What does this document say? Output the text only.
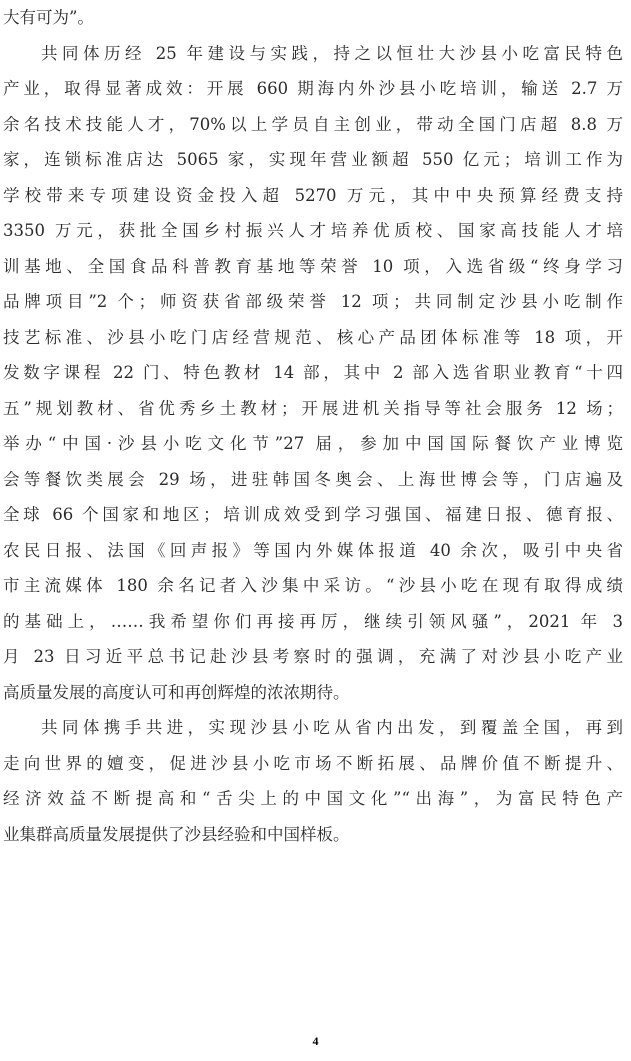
大有可为”。
共同体历经 25 年建设与实践，持之以恒壮大沙县小吃富民特色
产业，取得显著成效：开展 660 期海内外沙县小吃培训，输送 2.7 万
余名技术技能人才，70%以上学员自主创业，带动全国门店超 8.8 万
家，连锁标准店达 5065 家，实现年营业额超 550 亿元；培训工作为
学校带来专项建设资金投入超 5270 万元，其中中央预算经费支持
3350 万元，获批全国乡村振兴人才培养优质校、国家高技能人才培
训基地、全国食品科普教育基地等荣誉 10 项，入选省级“终身学习
品牌项目”2 个；师资获省部级荣誉 12 项；共同制定沙县小吃制作
技艺标准、沙县小吃门店经营规范、核心产品团体标准等 18 项，开
发数字课程 22 门、特色教材 14 部，其中 2 部入选省职业教育“十四
五”规划教材、省优秀乡土教材；开展进机关指导等社会服务 12 场；
举办“中国·沙县小吃文化节”27 届，参加中国国际餐饮产业博览
会等餐饮类展会 29 场，进驻韩国冬奥会、上海世博会等，门店遍及
全球 66 个国家和地区；培训成效受到学习强国、福建日报、德育报、
农民日报、法国《回声报》等国内外媒体报道 40 余次，吸引中央省
市主流媒体 180 余名记者入沙集中采访。“沙县小吃在现有取得成绩
的基础上，……我希望你们再接再厉，继续引领风骚”，2021 年 3
月 23 日习近平总书记赴沙县考察时的强调，充满了对沙县小吃产业
高质量发展的高度认可和再创辉煌的浓浓期待。
共同体携手共进，实现沙县小吃从省内出发，到覆盖全国，再到
走向世界的嬗变，促进沙县小吃市场不断拓展、品牌价值不断提升、
经济效益不断提高和“舌尖上的中国文化”“出海”，为富民特色产
业集群高质量发展提供了沙县经验和中国样板。
4
